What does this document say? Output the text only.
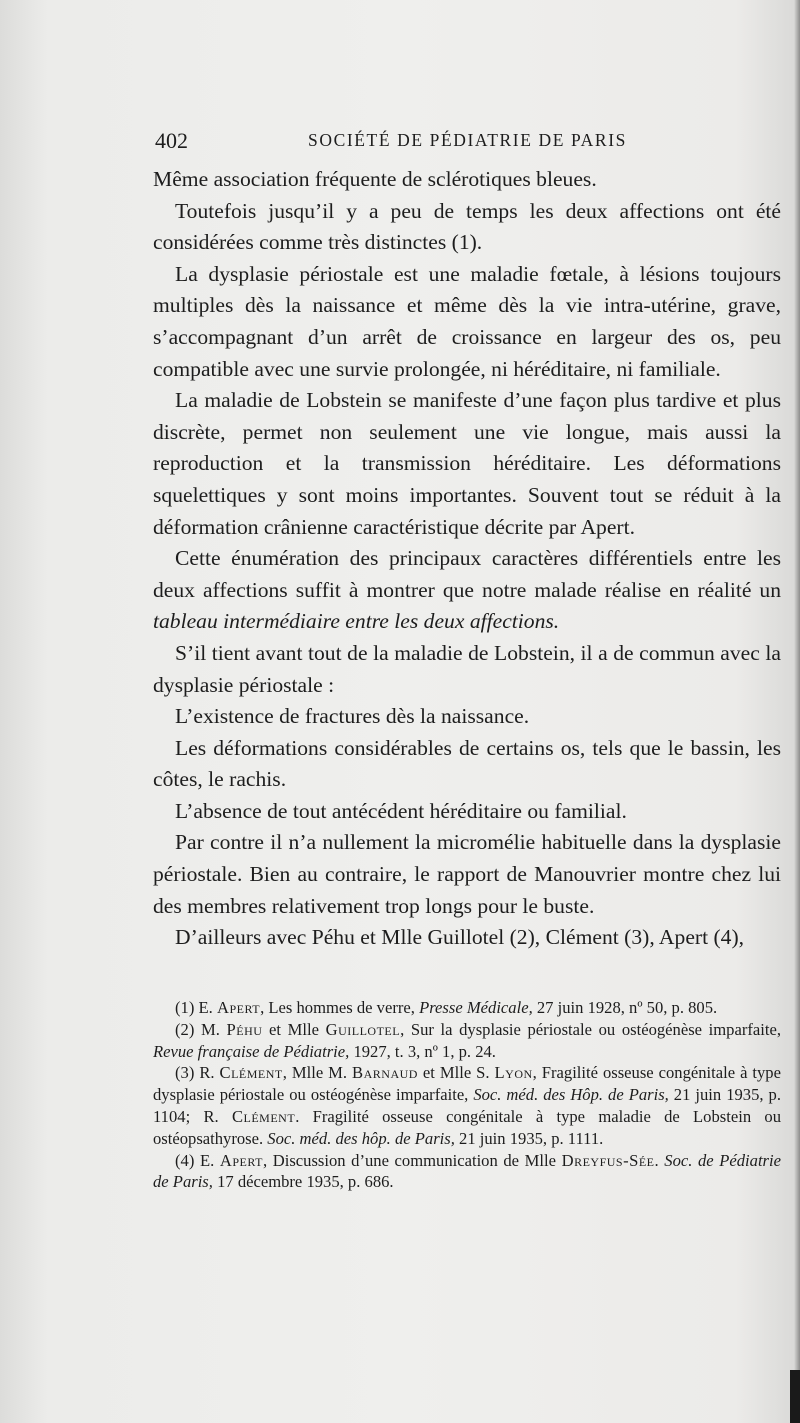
402	SOCIÉTÉ DE PÉDIATRIE DE PARIS

Même association fréquente de sclérotiques bleues.

Toutefois jusqu’il y a peu de temps les deux affections ont été considérées comme très distinctes (1).

La dysplasie périostale est une maladie fœtale, à lésions toujours multiples dès la naissance et même dès la vie intra-utérine, grave, s’accompagnant d’un arrêt de croissance en largeur des os, peu compatible avec une survie prolongée, ni héréditaire, ni familiale.

La maladie de Lobstein se manifeste d’une façon plus tardive et plus discrète, permet non seulement une vie longue, mais aussi la reproduction et la transmission héréditaire. Les déformations squelettiques y sont moins importantes. Souvent tout se réduit à la déformation crânienne caractéristique décrite par Apert.

Cette énumération des principaux caractères différentiels entre les deux affections suffit à montrer que notre malade réalise en réalité un tableau intermédiaire entre les deux affections.

S’il tient avant tout de la maladie de Lobstein, il a de commun avec la dysplasie périostale :

L’existence de fractures dès la naissance.

Les déformations considérables de certains os, tels que le bassin, les côtes, le rachis.

L’absence de tout antécédent héréditaire ou familial.

Par contre il n’a nullement la micromélie habituelle dans la dysplasie périostale. Bien au contraire, le rapport de Manouvrier montre chez lui des membres relativement trop longs pour le buste.

D’ailleurs avec Péhu et Mlle Guillotel (2), Clément (3), Apert (4),

(1) E. Apert, Les hommes de verre, Presse Médicale, 27 juin 1928, nº 50, p. 805.

(2) M. Péhu et Mlle Guillotel, Sur la dysplasie périostale ou ostéogénèse imparfaite, Revue française de Pédiatrie, 1927, t. 3, nº 1, p. 24.

(3) R. Clément, Mlle M. Barnaud et Mlle S. Lyon, Fragilité osseuse congénitale à type dysplasie périostale ou ostéogénèse imparfaite, Soc. méd. des Hôp. de Paris, 21 juin 1935, p. 1104; R. Clément. Fragilité osseuse congénitale à type maladie de Lobstein ou ostéopsathyrose. Soc. méd. des hôp. de Paris, 21 juin 1935, p. 1111.

(4) E. Apert, Discussion d’une communication de Mlle Dreyfus-Sée. Soc. de Pédiatrie de Paris, 17 décembre 1935, p. 686.
